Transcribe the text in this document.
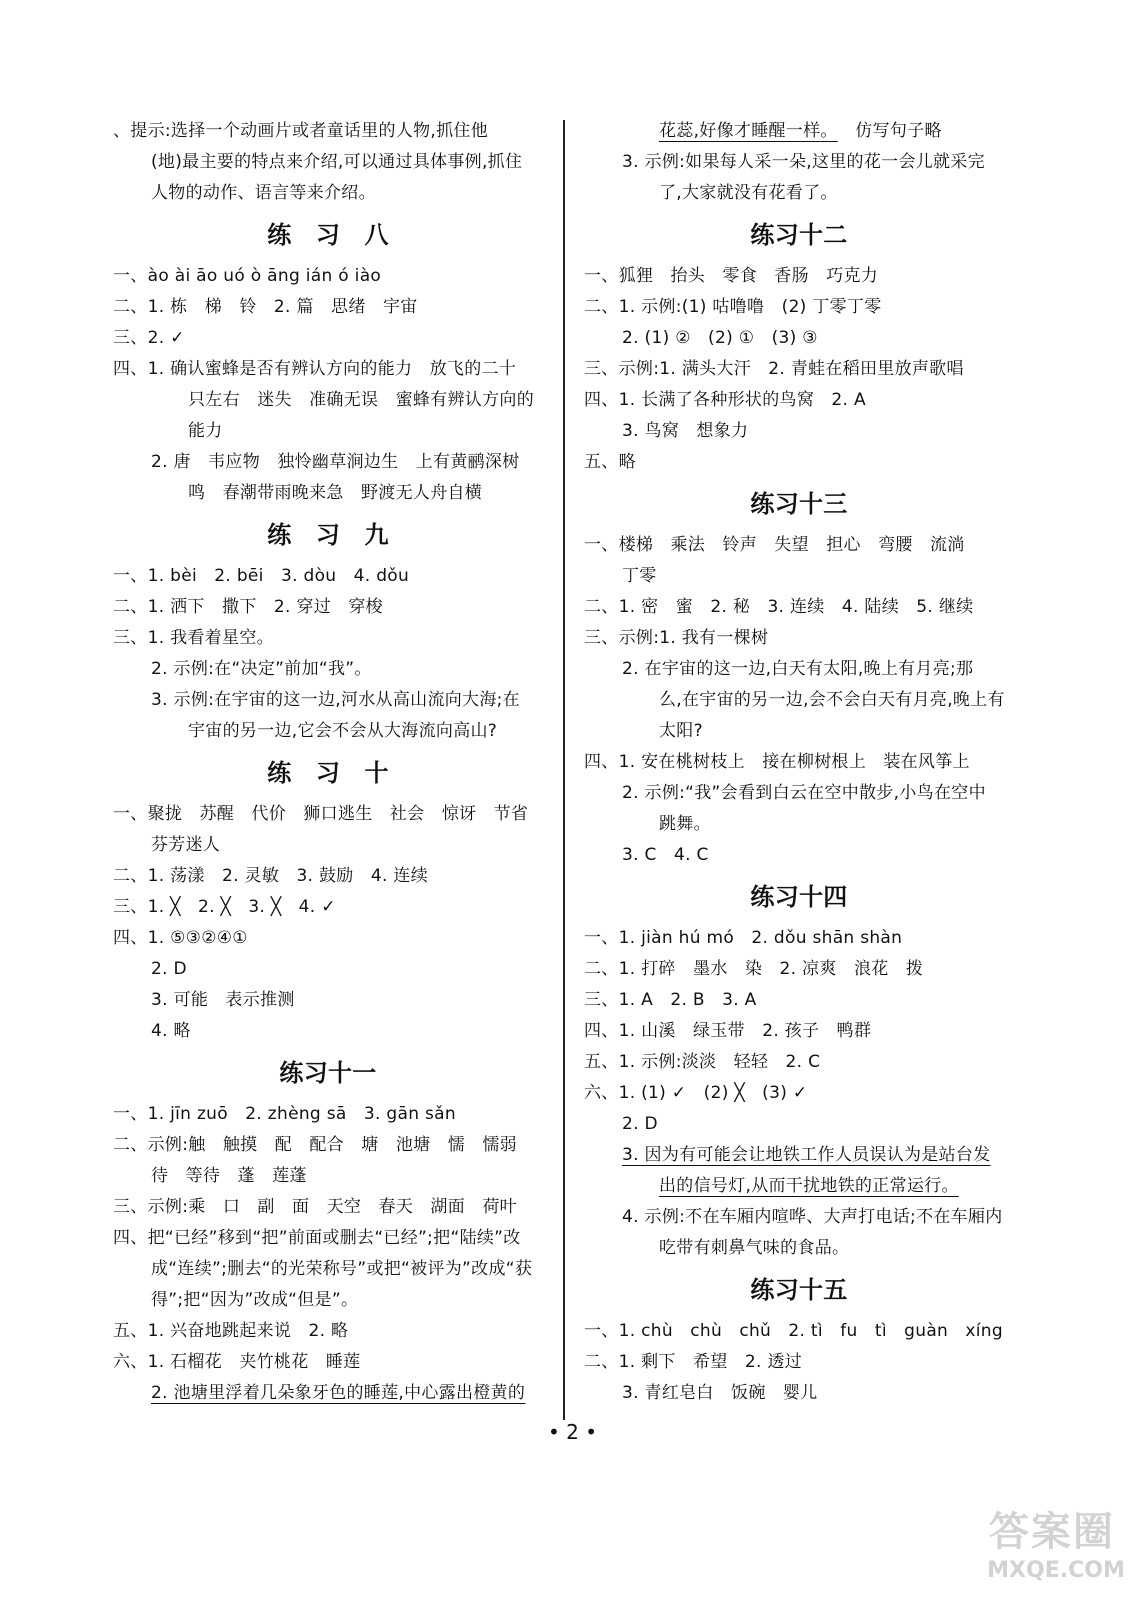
、提示:选择一个动画片或者童话里的人物,抓住他
(地)最主要的特点来介绍,可以通过具体事例,抓住
人物的动作、语言等来介绍。
练　习　八
一、ào ài āo uó ò āng ián ó iào
二、1. 栋　梯　铃　2. 篇　思绪　宇宙
三、2. ✓
四、1. 确认蜜蜂是否有辨认方向的能力　放飞的二十
只左右　迷失　准确无误　蜜蜂有辨认方向的
能力
2. 唐　韦应物　独怜幽草涧边生　上有黄鹂深树
鸣　春潮带雨晚来急　野渡无人舟自横
练　习　九
一、1. bèi　2. bēi　3. dòu　4. dǒu
二、1. 洒下　撒下　2. 穿过　穿梭
三、1. 我看着星空。
2. 示例:在“决定”前加“我”。
3. 示例:在宇宙的这一边,河水从高山流向大海;在
宇宙的另一边,它会不会从大海流向高山?
练　习　十
一、聚拢　苏醒　代价　狮口逃生　社会　惊讶　节省
芬芳迷人
二、1. 荡漾　2. 灵敏　3. 鼓励　4. 连续
三、1. ╳　2. ╳　3. ╳　4. ✓
四、1. ⑤③②④①
2. D
3. 可能　表示推测
4. 略
练习十一
一、1. jīn zuō　2. zhèng sā　3. gān sǎn
二、示例:触　触摸　配　配合　塘　池塘　懦　懦弱
待　等待　蓬　莲蓬
三、示例:乘　口　副　面　天空　春天　湖面　荷叶
四、把“已经”移到“把”前面或删去“已经”;把“陆续”改
成“连续”;删去“的光荣称号”或把“被评为”改成“获
得”;把“因为”改成“但是”。
五、1. 兴奋地跳起来说　2. 略
六、1. 石榴花　夹竹桃花　睡莲
2. 池塘里浮着几朵象牙色的睡莲,中心露出橙黄的
花蕊,好像才睡醒一样。 　仿写句子略
3. 示例:如果每人采一朵,这里的花一会儿就采完
了,大家就没有花看了。
练习十二
一、狐狸　抬头　零食　香肠　巧克力
二、1. 示例:(1) 咕噜噜　(2) 丁零丁零
2. (1) ②　(2) ①　(3) ③
三、示例:1. 满头大汗　2. 青蛙在稻田里放声歌唱
四、1. 长满了各种形状的鸟窝　2. A
3. 鸟窝　想象力
五、略
练习十三
一、楼梯　乘法　铃声　失望　担心　弯腰　流淌
丁零
二、1. 密　蜜　2. 秘　3. 连续　4. 陆续　5. 继续
三、示例:1. 我有一棵树
2. 在宇宙的这一边,白天有太阳,晚上有月亮;那
么,在宇宙的另一边,会不会白天有月亮,晚上有
太阳?
四、1. 安在桃树枝上　接在柳树根上　装在风筝上
2. 示例:“我”会看到白云在空中散步,小鸟在空中
跳舞。
3. C　4. C
练习十四
一、1. jiàn hú mó　2. dǒu shān shàn
二、1. 打碎　墨水　染　2. 凉爽　浪花　拨
三、1. A　2. B　3. A
四、1. 山溪　绿玉带　2. 孩子　鸭群
五、1. 示例:淡淡　轻轻　2. C
六、1. (1) ✓　(2) ╳　(3) ✓
2. D
3. 因为有可能会让地铁工作人员误认为是站台发
出的信号灯,从而干扰地铁的正常运行。
4. 示例:不在车厢内喧哗、大声打电话;不在车厢内
吃带有刺鼻气味的食品。
练习十五
一、1. chù　chù　chǔ　2. tì　fu　tì　guàn　xíng
二、1. 剩下　希望　2. 透过
3. 青红皂白　饭碗　婴儿
• 2 •
答案圈
MXQE.COM
